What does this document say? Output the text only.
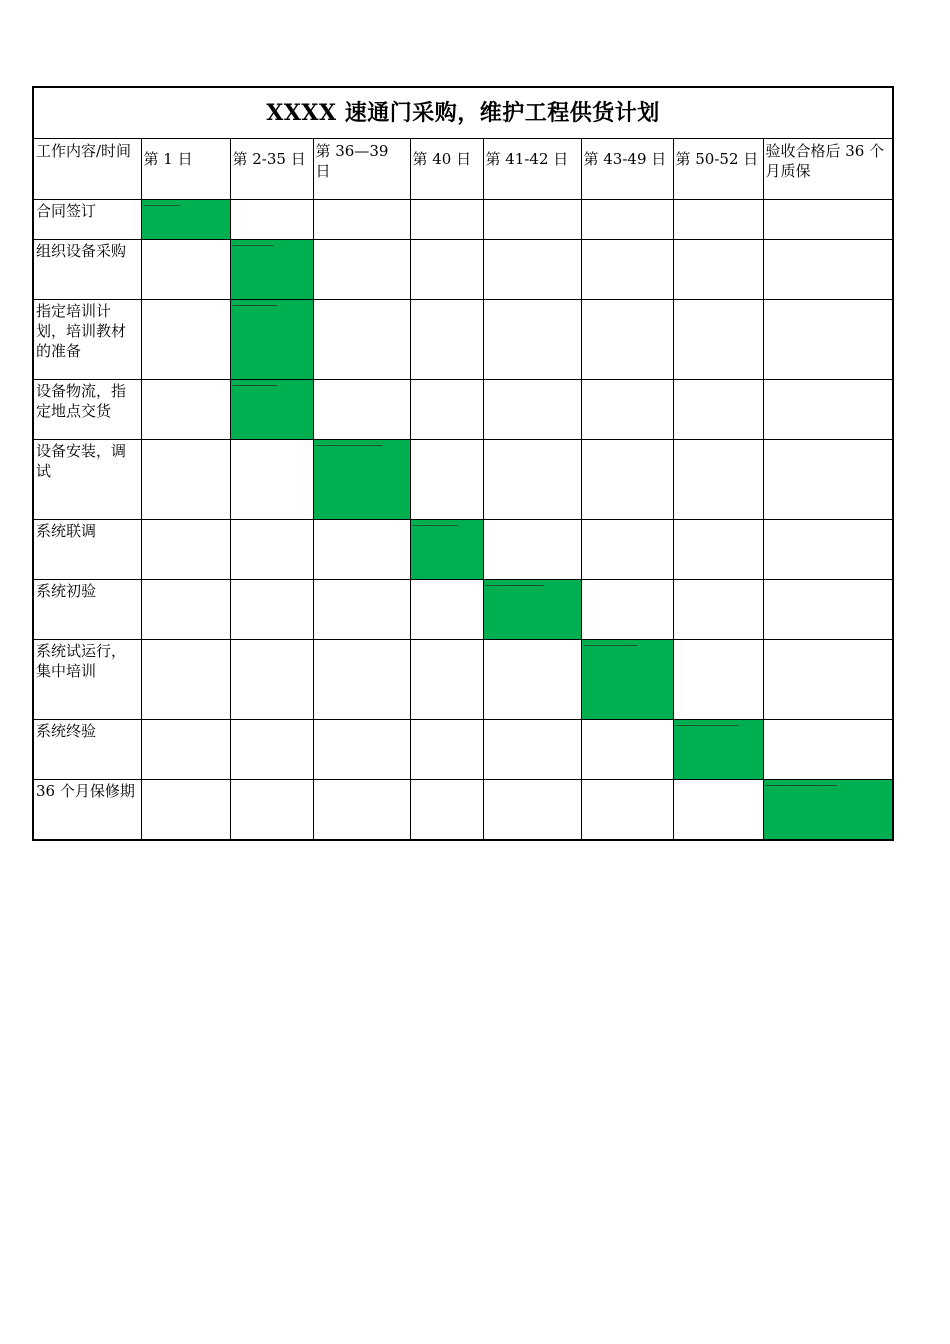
XXXX 速通门采购，维护工程供货计划								

工作内容/时间	第 1 日	第 2-35 日	第 36—39 日	第 40 日	第 41-42 日	第 43-49 日	第 50-52 日	验收合格后 36 个月质保

合同签订	————————							

组织设备采购		—————————						

指定培训计划，培训教材的准备		——————————						

设备物流，指定地点交货		——————————						

设备安装，调试			———————————————					

系统联调				——————————				

系统初验					—————————————			

系统试运行，集中培训						————————————		

系统终验							——————————————	

36 个月保修期								————————————————
